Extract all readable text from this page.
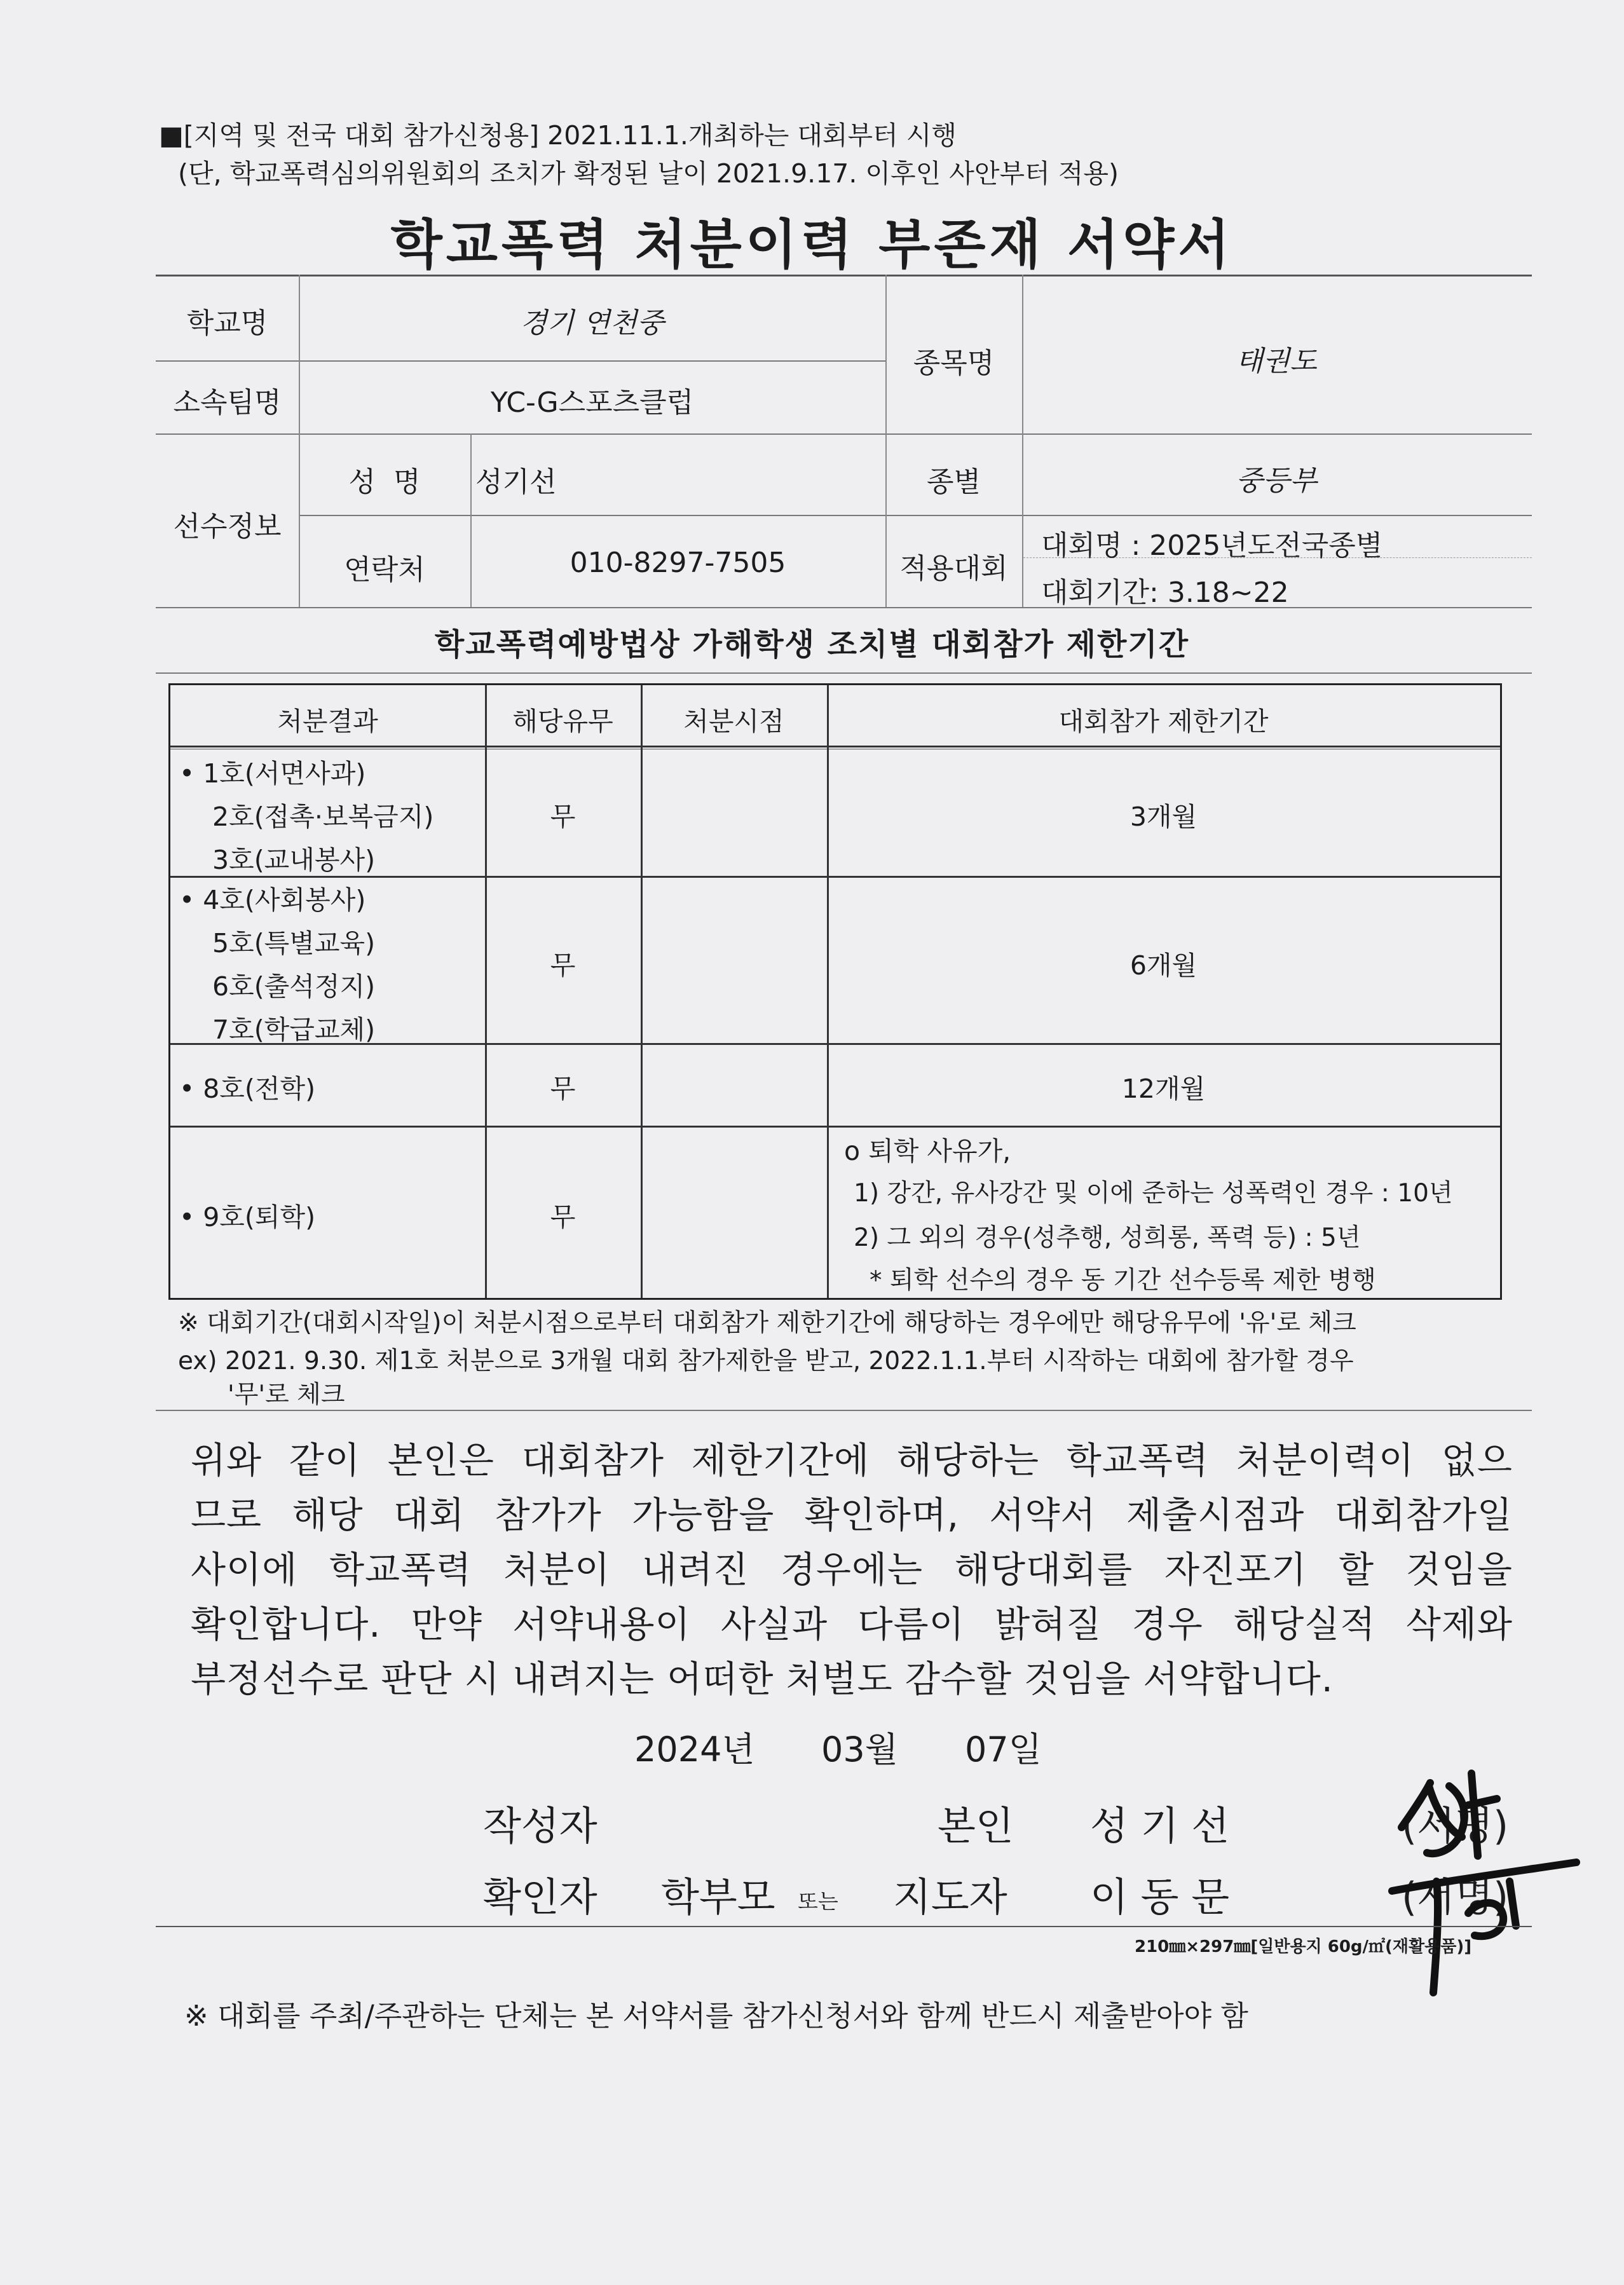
■[지역 및 전국 대회 참가신청용] 2021.11.1.개최하는 대회부터 시행
(단, 학교폭력심의위원회의 조치가 확정된 날이 2021.9.17. 이후인 사안부터 적용)
학교폭력 처분이력 부존재 서약서
학교명	경기 연천중
소속팀명	YC-G스포츠클럽
종목명	태권도
선수정보
성  명	성기선	종별	중등부
연락처	010-8297-7505	적용대회
대회명 : 2025년도전국종별
대회기간: 3.18~22
학교폭력예방법상 가해학생 조치별 대회참가 제한기간
처분결과	해당유무	처분시점	대회참가 제한기간
• 1호(서면사과)
2호(접촉·보복금지)
3호(교내봉사)
무	3개월
• 4호(사회봉사)
5호(특별교육)
6호(출석정지)
7호(학급교체)
무	6개월
• 8호(전학)	무	12개월
• 9호(퇴학)	무
o 퇴학 사유가,
1) 강간, 유사강간 및 이에 준하는 성폭력인 경우 : 10년
2) 그 외의 경우(성추행, 성희롱, 폭력 등) : 5년
* 퇴학 선수의 경우 동 기간 선수등록 제한 병행
※ 대회기간(대회시작일)이 처분시점으로부터 대회참가 제한기간에 해당하는 경우에만 해당유무에 '유'로 체크
ex) 2021. 9.30. 제1호 처분으로 3개월 대회 참가제한을 받고, 2022.1.1.부터 시작하는 대회에 참가할 경우
'무'로 체크
위와 같이 본인은 대회참가 제한기간에 해당하는 학교폭력 처분이력이 없으
므로 해당 대회 참가가 가능함을 확인하며, 서약서 제출시점과 대회참가일
사이에 학교폭력 처분이 내려진 경우에는 해당대회를 자진포기 할 것임을
확인합니다. 만약 서약내용이 사실과 다름이 밝혀질 경우 해당실적 삭제와
부정선수로 판단 시 내려지는 어떠한 처벌도 감수할 것임을 서약합니다.
2024년 03월 07일
작성자	본인 성 기 선	(서명)
확인자 학부모 또는 지도자 이 동 문	(서명)
210㎜×297㎜[일반용지 60g/㎡(재활용품)]
※ 대회를 주최/주관하는 단체는 본 서약서를 참가신청서와 함께 반드시 제출받아야 함
